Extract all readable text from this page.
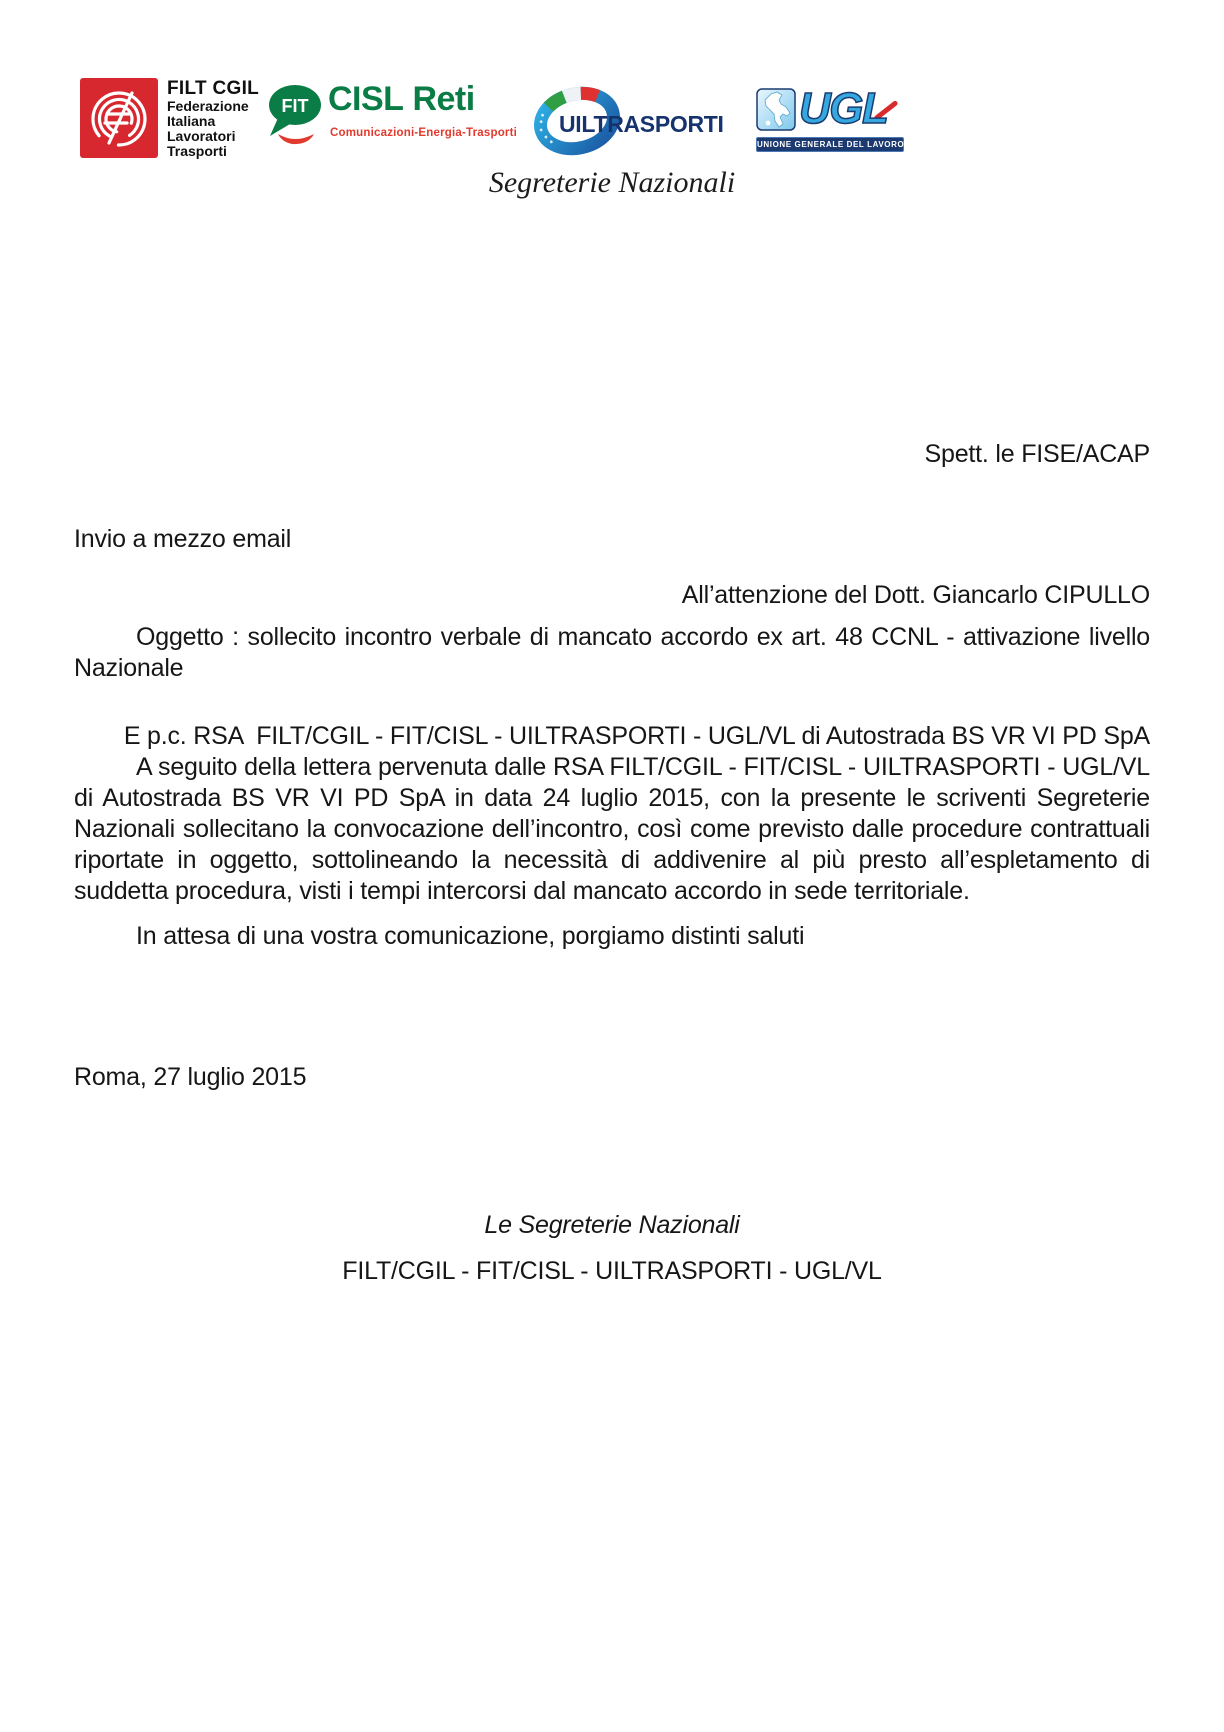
FILT CGIL
Federazione
Italiana
Lavoratori
Trasporti
FIT CISL Reti
Comunicazioni-Energia-Trasporti UILTRASPORTI UGL
UNIONE GENERALE DEL LAVORO
Segreterie Nazionali

Spett. le FISE/ACAP

All’attenzione del Dott. Giancarlo CIPULLO

E p.c. RSA  FILT/CGIL - FIT/CISL - UILTRASPORTI - UGL/VL di Autostrada BS VR VI PD SpA

Invio a mezzo email
Oggetto : sollecito incontro verbale di mancato accordo ex art. 48 CCNL - attivazione livello Nazionale
A seguito della lettera pervenuta dalle RSA FILT/CGIL - FIT/CISL - UILTRASPORTI - UGL/VL di Autostrada BS VR VI PD SpA in data 24 luglio 2015, con la presente le scriventi Segreterie Nazionali sollecitano la convocazione dell’incontro, così come previsto dalle procedure contrattuali riportate in oggetto, sottolineando la necessità di addivenire al più presto all’espletamento di suddetta procedura, visti i tempi intercorsi dal mancato accordo in sede territoriale.
In attesa di una vostra comunicazione, porgiamo distinti saluti
Roma, 27 luglio 2015
Le Segreterie Nazionali
FILT/CGIL - FIT/CISL - UILTRASPORTI - UGL/VL
